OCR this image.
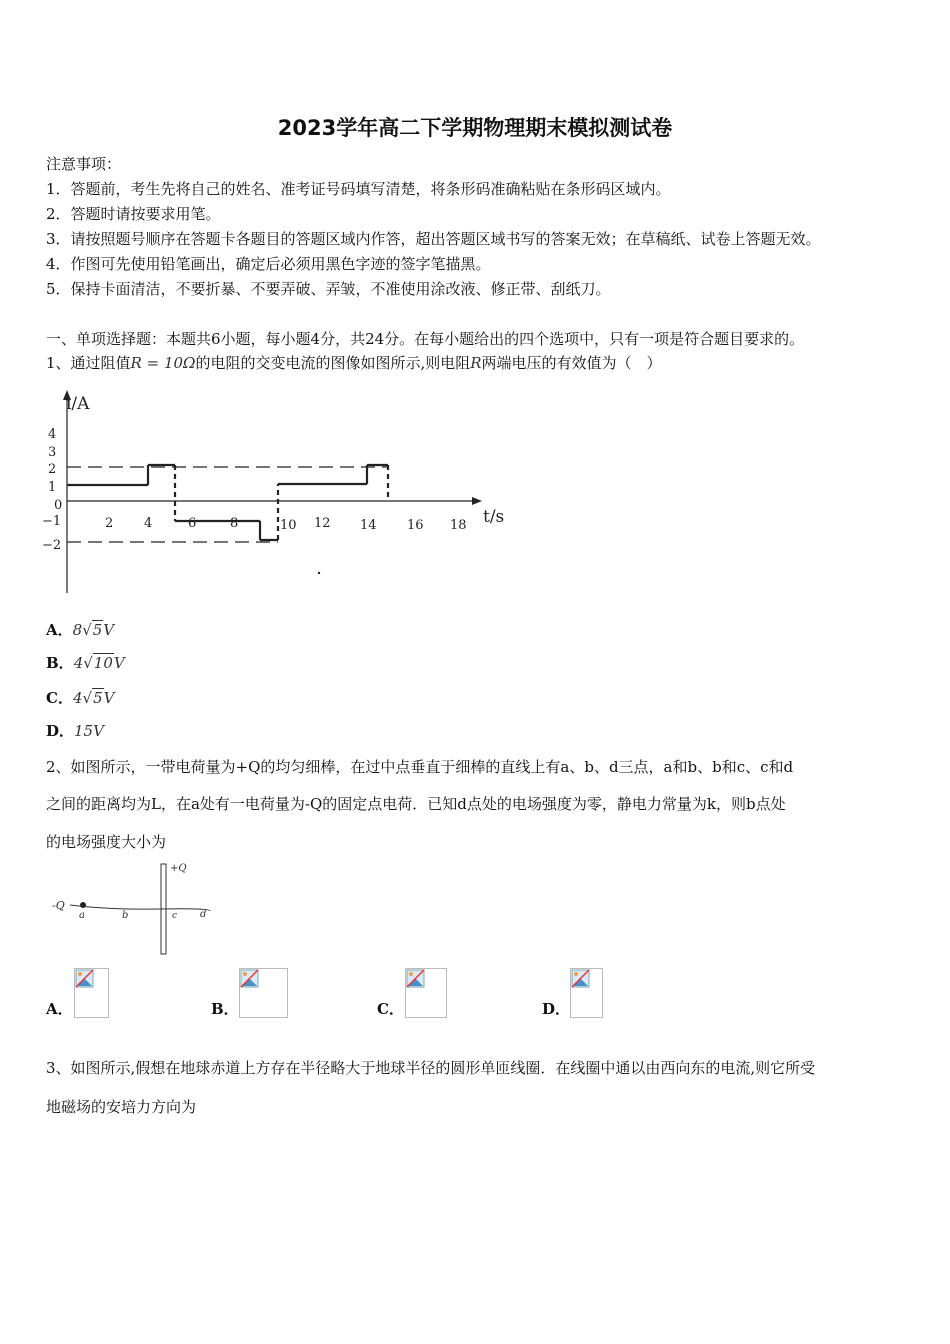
2023学年高二下学期物理期末模拟测试卷
注意事项：
1．答题前，考生先将自己的姓名、准考证号码填写清楚，将条形码准确粘贴在条形码区域内。
2．答题时请按要求用笔。
3．请按照题号顺序在答题卡各题目的答题区域内作答，超出答题区域书写的答案无效；在草稿纸、试卷上答题无效。
4．作图可先使用铅笔画出，确定后必须用黑色字迹的签字笔描黑。
5．保持卡面清洁，不要折暴、不要弄破、弄皱，不准使用涂改液、修正带、刮纸刀。
一、单项选择题：本题共6小题，每小题4分，共24分。在每小题给出的四个选项中，只有一项是符合题目要求的。
1、通过阻值R = 10Ω的电阻的交变电流的图像如图所示,则电阻R两端电压的有效值为（　）
i/A
t/s
4
3
2
1
0
−1
−2
2 4	6	8	10 12 14 16 18
A．8√5V
B．4√10V
C．4√5V
D．15V
2、如图所示，一带电荷量为+Q的均匀细棒，在过中点垂直于细棒的直线上有a、b、d三点，a和b、b和c、c和d
之间的距离均为L，在a处有一电荷量为-Q的固定点电荷．已知d点处的电场强度为零，静电力常量为k，则b点处
的电场强度大小为
+Q
-Q
a	b	c d
A．	B．	C．	D．
3、如图所示,假想在地球赤道上方存在半径略大于地球半径的圆形单匝线圈．在线圈中通以由西向东的电流,则它所受
地磁场的安培力方向为
